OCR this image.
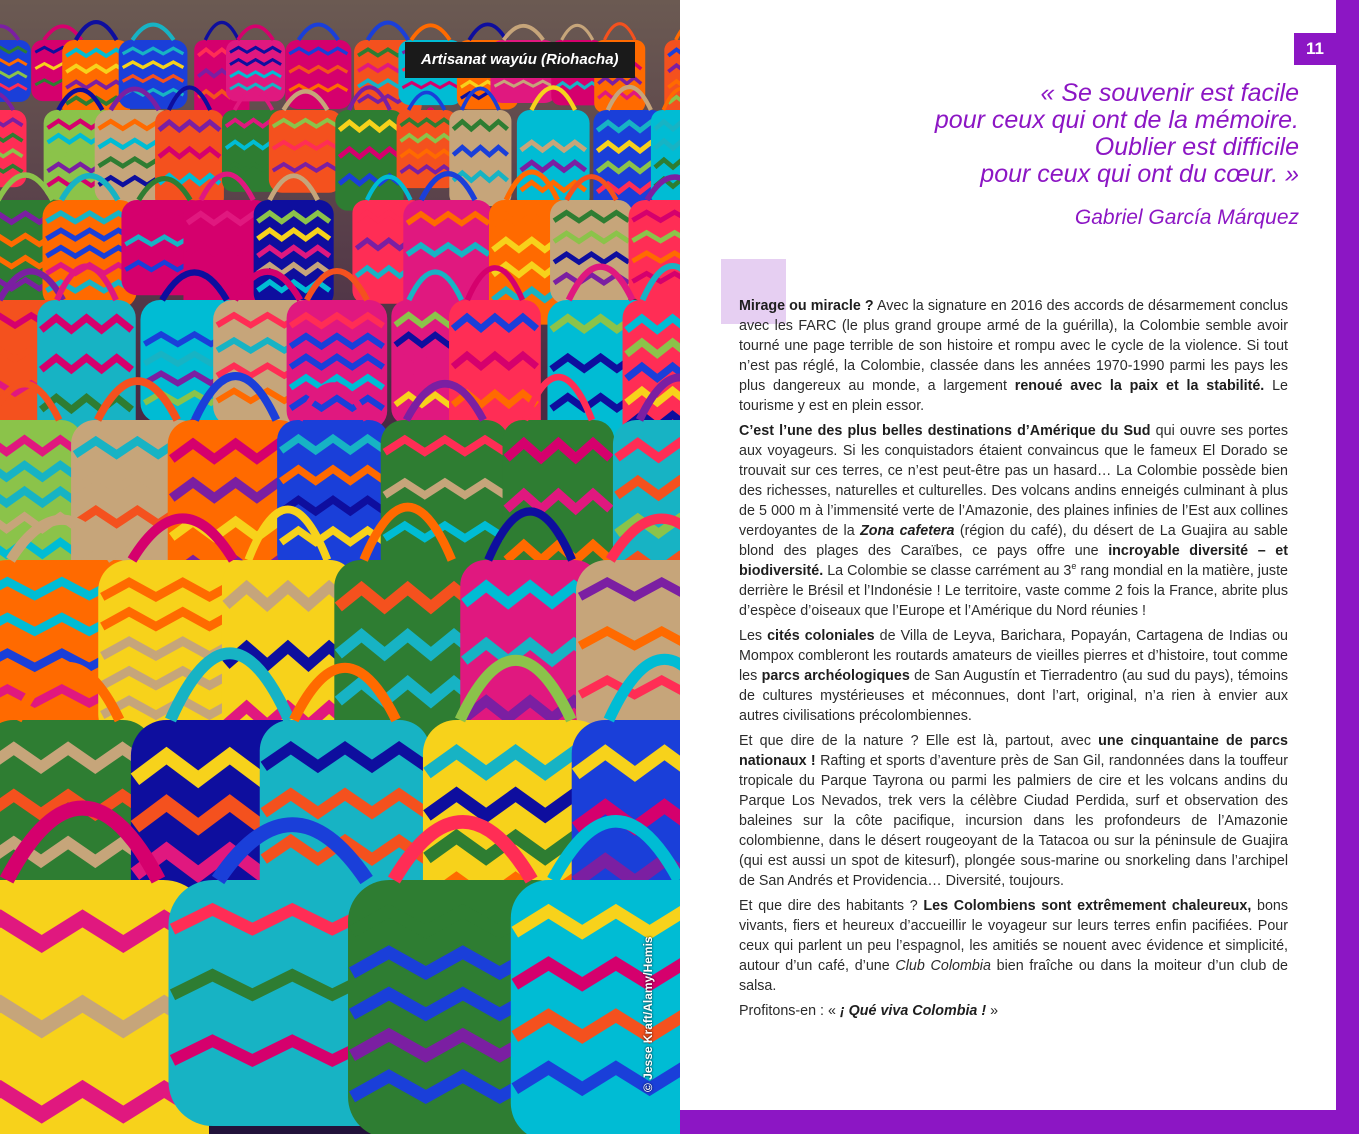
Artisanat wayúu (Riohacha)
© Jesse Kraft/Alamy/Hemis
11
« Se souvenir est facile
pour ceux qui ont de la mémoire.
Oublier est difficile
pour ceux qui ont du cœur. »
Gabriel García Márquez

Mirage ou miracle ? Avec la signature en 2016 des accords de désarmement conclus avec les FARC (le plus grand groupe armé de la guérilla), la Colombie semble avoir tourné une page terrible de son histoire et rompu avec le cycle de la violence. Si tout n’est pas réglé, la Colombie, classée dans les années 1970-1990 parmi les pays les plus dangereux au monde, a largement renoué avec la paix et la stabilité. Le tourisme y est en plein essor.

C’est l’une des plus belles destinations d’Amérique du Sud qui ouvre ses portes aux voyageurs. Si les conquistadors étaient convaincus que le fameux El Dorado se trouvait sur ces terres, ce n’est peut-être pas un hasard… La Colombie possède bien des richesses, naturelles et culturelles. Des volcans andins enneigés culminant à plus de 5 000 m à l’immensité verte de l’Amazonie, des plaines infinies de l’Est aux collines verdoyantes de la Zona cafetera (région du café), du désert de La Guajira au sable blond des plages des Caraïbes, ce pays offre une incroyable diversité – et biodiversité. La Colombie se classe carrément au 3e rang mondial en la matière, juste derrière le Brésil et l’Indonésie ! Le territoire, vaste comme 2 fois la France, abrite plus d’espèce d’oiseaux que l’Europe et l’Amérique du Nord réunies !

Les cités coloniales de Villa de Leyva, Barichara, Popayán, Cartagena de Indias ou Mompox combleront les routards amateurs de vieilles pierres et d’histoire, tout comme les parcs archéologiques de San Augustín et Tierradentro (au sud du pays), témoins de cultures mystérieuses et méconnues, dont l’art, original, n’a rien à envier aux autres civilisations précolombiennes.

Et que dire de la nature ? Elle est là, partout, avec une cinquantaine de parcs nationaux ! Rafting et sports d’aventure près de San Gil, randonnées dans la touffeur tropicale du Parque Tayrona ou parmi les palmiers de cire et les volcans andins du Parque Los Nevados, trek vers la célèbre Ciudad Perdida, surf et observation des baleines sur la côte pacifique, incursion dans les profondeurs de l’Amazonie colombienne, dans le désert rougeoyant de la Tatacoa ou sur la péninsule de Guajira (qui est aussi un spot de kitesurf), plongée sous-marine ou snorkeling dans l’archipel de San Andrés et Providencia… Diversité, toujours.

Et que dire des habitants ? Les Colombiens sont extrêmement chaleureux, bons vivants, fiers et heureux d’accueillir le voyageur sur leurs terres enfin pacifiées. Pour ceux qui parlent un peu l’espagnol, les amitiés se nouent avec évidence et simplicité, autour d’un café, d’une Club Colombia bien fraîche ou dans la moiteur d’un club de salsa.

Profitons-en : « ¡ Qué viva Colombia ! »
